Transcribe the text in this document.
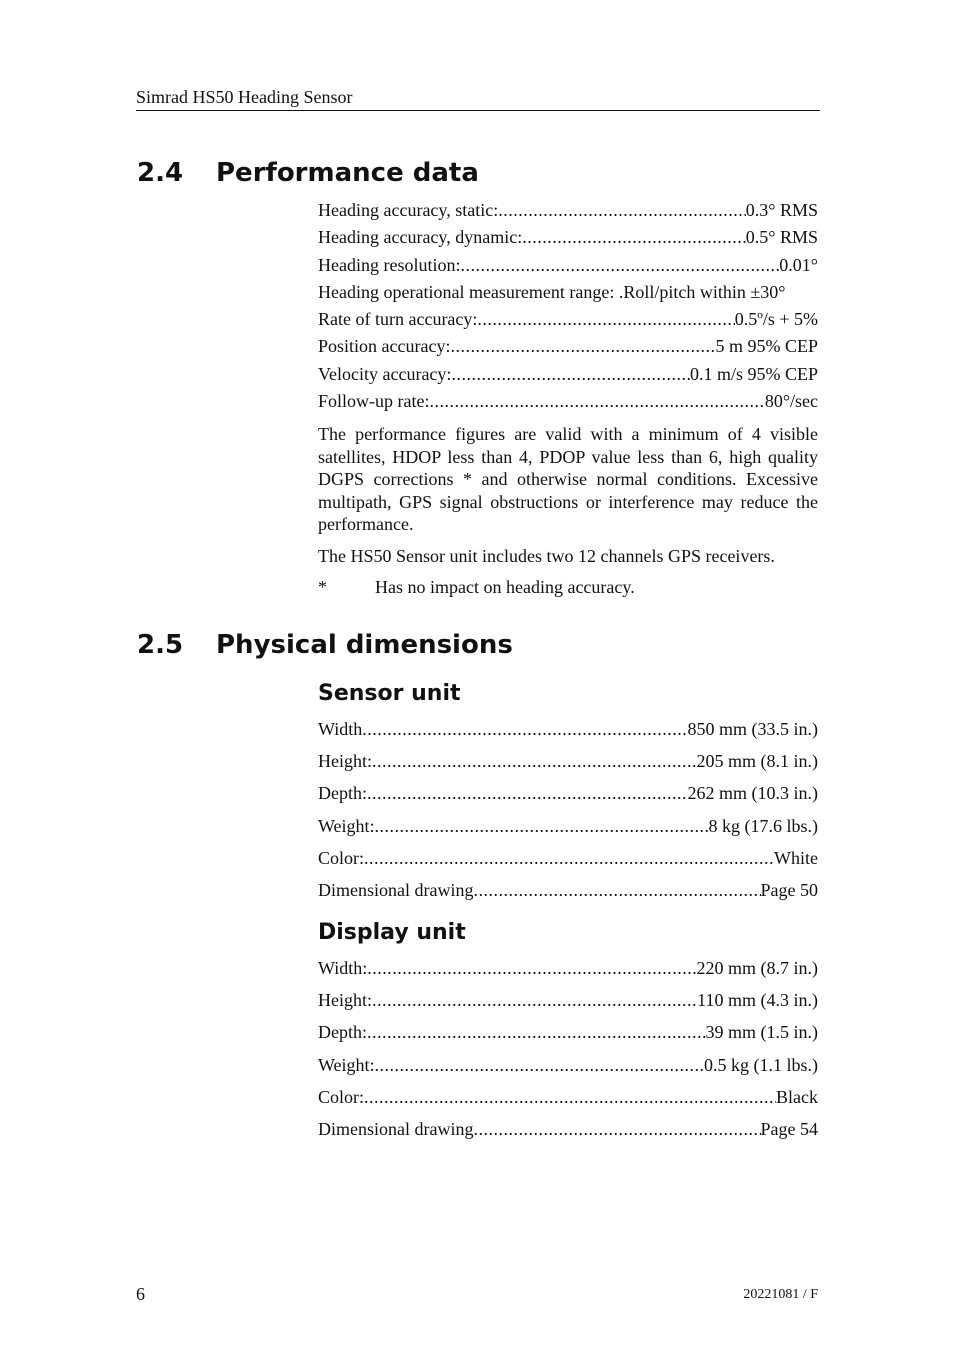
Simrad HS50 Heading Sensor
2.4 Performance data
Heading accuracy, static: .....	0.3° RMS
Heading accuracy, dynamic: .....	0.5° RMS
Heading resolution: .....	0.01°
Heading operational measurement range: . Roll/pitch within ±30°
Rate of turn accuracy: .....	0.5º/s + 5%
Position accuracy: .....	5 m 95% CEP
Velocity accuracy: .....	0.1 m/s 95% CEP
Follow-up rate: .....	80°/sec
The performance figures are valid with a minimum of 4 visible satellites, HDOP less than 4, PDOP value less than 6, high quality DGPS corrections * and otherwise normal conditions. Excessive multipath, GPS signal obstructions or interference may reduce the performance.
The HS50 Sensor unit includes two 12 channels GPS receivers.
*	Has no impact on heading accuracy.
2.5 Physical dimensions
Sensor unit
Width .....	850 mm (33.5 in.)
Height: .....	205 mm (8.1 in.)
Depth: .....	262 mm (10.3 in.)
Weight: .....	8 kg (17.6 lbs.)
Color: .....	White
Dimensional drawing .....	Page 50
Display unit
Width: .....	220 mm (8.7 in.)
Height: .....	110 mm (4.3 in.)
Depth: .....	39 mm (1.5 in.)
Weight: .....	0.5 kg (1.1 lbs.)
Color: .....	Black
Dimensional drawing .....	Page 54
6	20221081 / F
